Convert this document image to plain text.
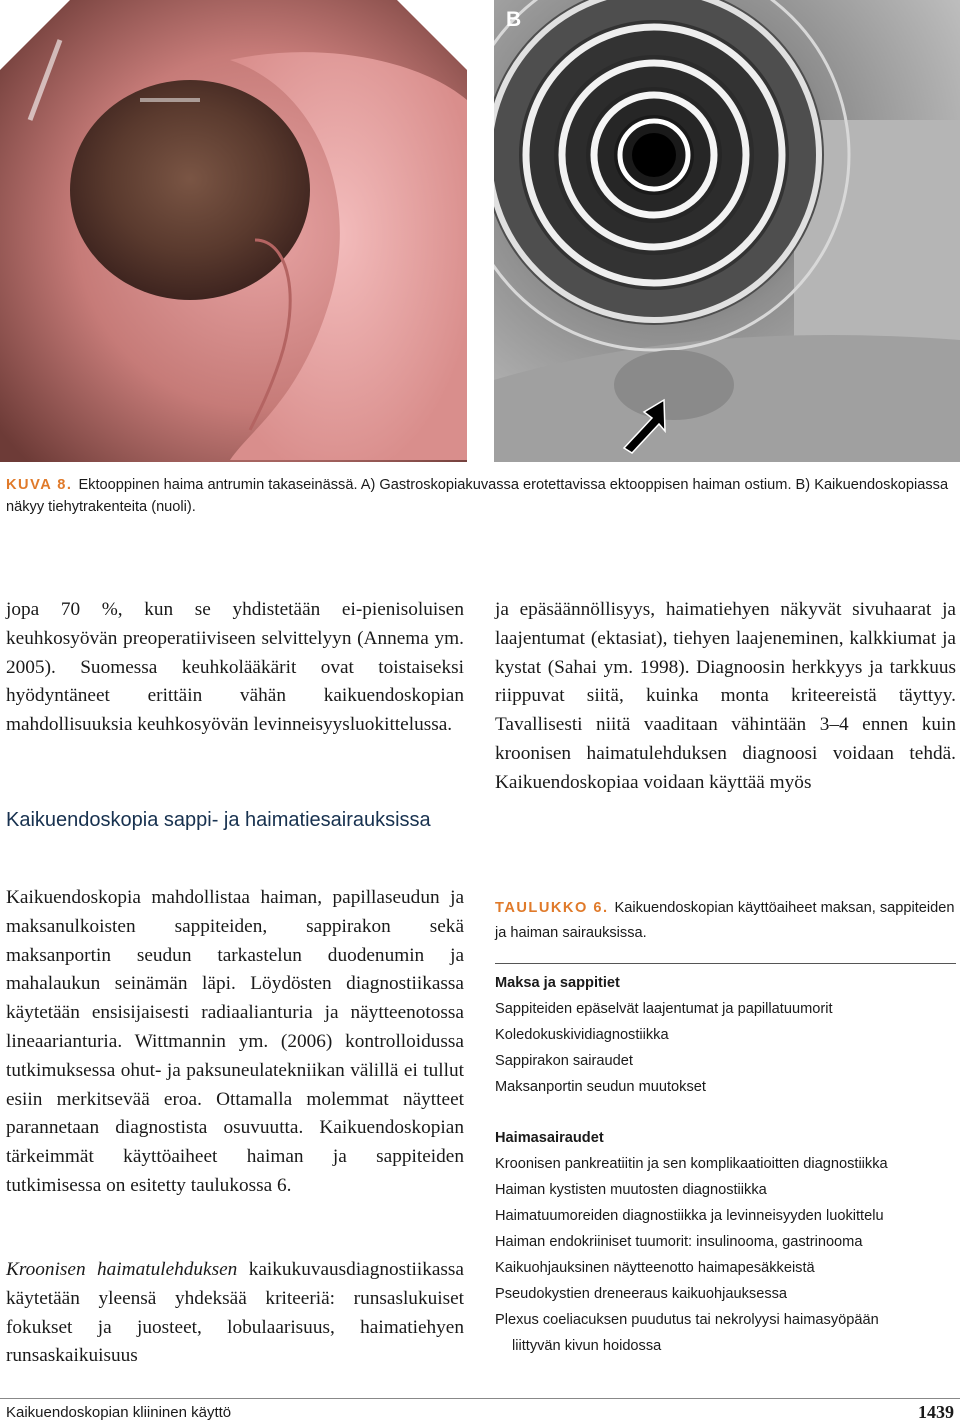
A	B
KUVA 8. Ektooppinen haima antrumin takaseinässä. A) Gastroskopiakuvassa erotettavissa ektooppisen haiman ostium. B) Kaikuendoskopiassa näkyy tiehytrakenteita (nuoli).

jopa 70 %, kun se yhdistetään ei-pienisoluisen keuhkosyövän preoperatiiviseen selvittelyyn (Annema ym. 2005). Suomessa keuhkolääkärit ovat toistaiseksi hyödyntäneet erittäin vähän kaikuendoskopian mahdollisuuksia keuhkosyövän levinneisyysluokittelussa.

Kaikuendoskopia sappi- ja haimatiesairauksissa

Kaikuendoskopia mahdollistaa haiman, papillaseudun ja maksanulkoisten sappiteiden, sappirakon sekä maksanportin seudun tarkastelun duodenumin ja mahalaukun seinämän läpi. Löydösten diagnostiikassa käytetään ensisijaisesti radiaalianturia ja näytteenotossa lineaarianturia. Wittmannin ym. (2006) kontrolloidussa tutkimuksessa ohut- ja paksuneulatekniikan välillä ei tullut esiin merkitsevää eroa. Ottamalla molemmat näytteet parannetaan diagnostista osuvuutta. Kaikuendoskopian tärkeimmät käyttöaiheet haiman ja sappiteiden tutkimisessa on esitetty taulukossa 6.

Kroonisen haimatulehduksen kaikukuvausdiagnostiikassa käytetään yleensä yhdeksää kriteeriä: runsaslukuiset fokukset ja juosteet, lobulaarisuus, haimatiehyen runsaskaikuisuus

ja epäsäännöllisyys, haimatiehyen näkyvät sivuhaarat ja laajentumat (ektasiat), tiehyen laajeneminen, kalkkiumat ja kystat (Sahai ym. 1998). Diagnoosin herkkyys ja tarkkuus riippuvat siitä, kuinka monta kriteereistä täyttyy. Tavallisesti niitä vaaditaan vähintään 3–4 ennen kuin kroonisen haimatulehduksen diagnoosi voidaan tehdä. Kaikuendoskopiaa voidaan käyttää myös

TAULUKKO 6. Kaikuendoskopian käyttöaiheet maksan, sappiteiden ja haiman sairauksissa.
Maksa ja sappitiet
Sappiteiden epäselvät laajentumat ja papillatuumorit
Koledokuskividiagnostiikka
Sappirakon sairaudet
Maksanportin seudun muutokset
Haimasairaudet
Kroonisen pankreatiitin ja sen komplikaatioitten diagnostiikka
Haiman kystisten muutosten diagnostiikka
Haimatuumoreiden diagnostiikka ja levinneisyyden luokittelu
Haiman endokriiniset tuumorit: insulinooma, gastrinooma
Kaikuohjauksinen näytteenotto haimapesäkkeistä
Pseudokystien dreneeraus kaikuohjauksessa
Plexus coeliacuksen puudutus tai nekrolyysi haimasyöpään
liittyvän kivun hoidossa
Kaikuendoskopian kliininen käyttö	1439
